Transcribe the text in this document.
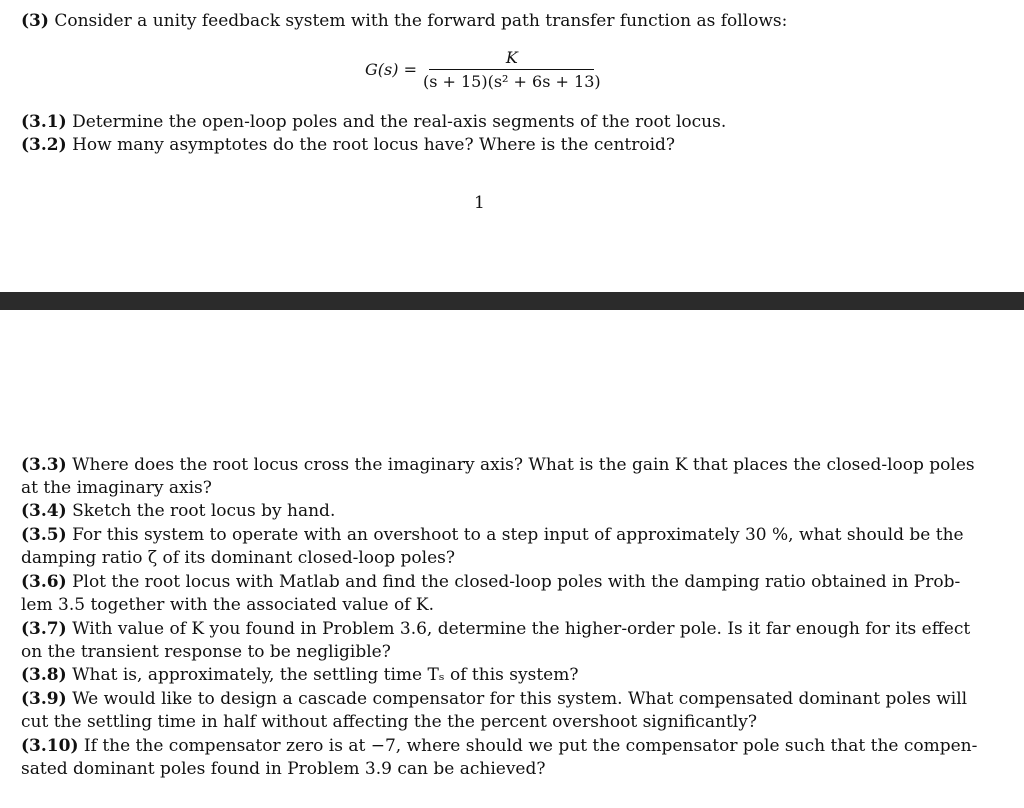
(3) Consider a unity feedback system with the forward path transfer function as follows:
$G(s) = \frac{K}{\text{(s + 15)(s² + 6s + 13)}}$
(3.1) Determine the open-loop poles and the real-axis segments of the root locus.
(3.2) How many asymptotes do the root locus have? Where is the centroid?
1
(3.3) Where does the root locus cross the imaginary axis? What is the gain K that places the closed-loop poles
at the imaginary axis?
(3.4) Sketch the root locus by hand.
(3.5) For this system to operate with an overshoot to a step input of approximately 30 %, what should be the
damping ratio ζ of its dominant closed-loop poles?
(3.6) Plot the root locus with Matlab and find the closed-loop poles with the damping ratio obtained in Prob-
lem 3.5 together with the associated value of K.
(3.7) With value of K you found in Problem 3.6, determine the higher-order pole. Is it far enough for its effect
on the transient response to be negligible?
(3.8) What is, approximately, the settling time Tₛ of this system?
(3.9) We would like to design a cascade compensator for this system. What compensated dominant poles will
cut the settling time in half without affecting the the percent overshoot significantly?
(3.10) If the the compensator zero is at −7, where should we put the compensator pole such that the compen-
sated dominant poles found in Problem 3.9 can be achieved?
